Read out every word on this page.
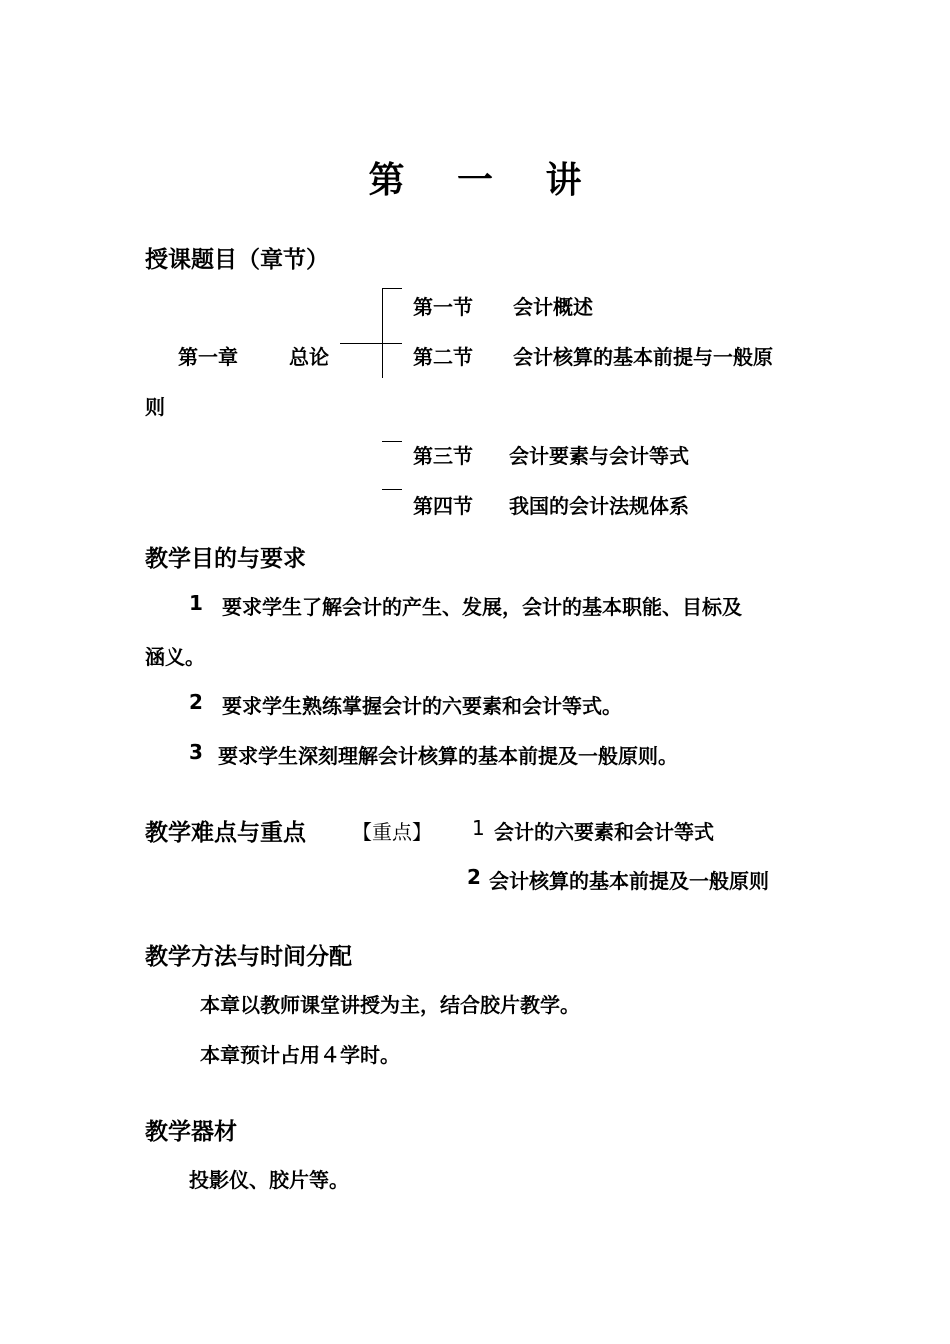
第 一 讲
授课题目（章节）
第一章	总论
第一节 会计概述
第二节 会计核算的基本前提与一般原
则
第三节 会计要素与会计等式
第四节 我国的会计法规体系
教学目的与要求
1 要求学生了解会计的产生、发展，会计的基本职能、目标及
涵义。
2 要求学生熟练掌握会计的六要素和会计等式。
3 要求学生深刻理解会计核算的基本前提及一般原则。
教学难点与重点 【重点】 1 会计的六要素和会计等式
2 会计核算的基本前提及一般原则
教学方法与时间分配
本章以教师课堂讲授为主，结合胶片教学。
本章预计占用４学时。
教学器材
投影仪、胶片等。
